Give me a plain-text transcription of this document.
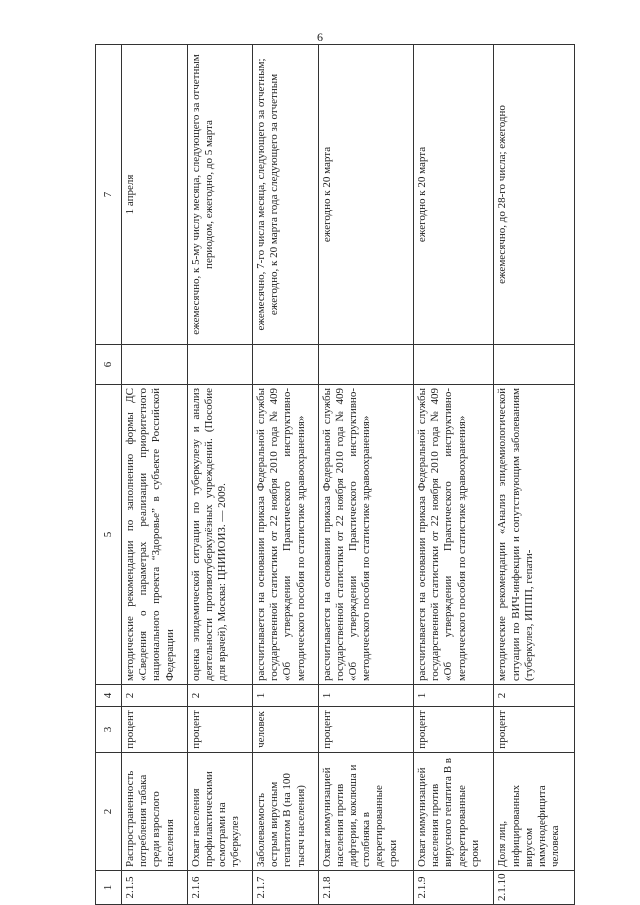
6
1	2	3	4	5	6	7
2.1.5	Распространенность потребления табака среди взрослого населения	процент	2	методические рекомендации по заполнению формы ДС «Сведения о параметрах реализации приоритетного национального проекта “Здоровье” в субъекте Российской Федерации		1 апреля
2.1.6	Охват населения профилактическими осмотрами на туберкулез	процент	2	оценка эпидемической ситуации по туберкулезу и анализ деятельности противотуберкулёзных учреждений. (Пособие для врачей), Москва: ЦНИИОИЗ. — 2009.		ежемесячно, к 5-му числу месяца, следующего за отчетным периодом, ежегодно, до 5 марта
2.1.7	Заболеваемость острым вирусным гепатитом В (на 100 тысяч населения)	человек	1	рассчитывается на основании приказа Федеральной службы государственной статистики от 22 ноября 2010 года № 409 «Об утверждении Практического инструктивно-методического пособия по статистике здравоохранения»		ежемесячно, 7-го числа месяца, следующего за отчетным; ежегодно, к 20 марта года следующего за отчетным
2.1.8	Охват иммунизацией населения против дифтерии, коклюша и столбняка в декретированные сроки	процент	1	рассчитывается на основании приказа Федеральной службы государственной статистики от 22 ноября 2010 года № 409 «Об утверждении Практического инструктивно-методического пособия по статистике здравоохранения»		ежегодно к 20 марта
2.1.9	Охват иммунизацией населения против вирусного гепатита В в декретированные сроки	процент	1	рассчитывается на основании приказа Федеральной службы государственной статистики от 22 ноября 2010 года № 409 «Об утверждении Практического инструктивно-методического пособия по статистике здравоохранения»		ежегодно к 20 марта
2.1.10	Доля лиц, инфицированных вирусом иммунодефицита человека	процент	2	методические рекомендации «Анализ эпидемиологической ситуации по ВИЧ-инфекции и сопутствующим заболеваниям (туберкулез, ИППП, гепати-		ежемесячно, до 28-го числа; ежегодно
